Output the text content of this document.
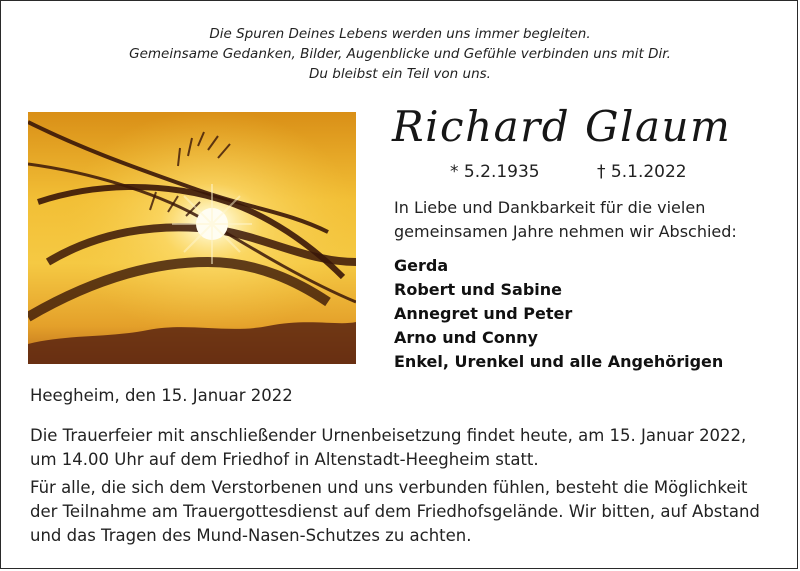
Die Spuren Deines Lebens werden uns immer begleiten.
Gemeinsame Gedanken, Bilder, Augenblicke und Gefühle verbinden uns mit Dir.
Du bleibst ein Teil von uns.
Richard Glaum
* 5.2.1935	† 5.1.2022
In Liebe und Dankbarkeit für die vielen
gemeinsamen Jahre nehmen wir Abschied:
Gerda
Robert und Sabine
Annegret und Peter
Arno und Conny
Enkel, Urenkel und alle Angehörigen
Heegheim, den 15. Januar 2022
Die Trauerfeier mit anschließender Urnenbeisetzung findet heute, am 15. Januar 2022,
um 14.00 Uhr auf dem Friedhof in Altenstadt-Heegheim statt.
Für alle, die sich dem Verstorbenen und uns verbunden fühlen, besteht die Möglichkeit
der Teilnahme am Trauergottesdienst auf dem Friedhofsgelände. Wir bitten, auf Abstand
und das Tragen des Mund-Nasen-Schutzes zu achten.
